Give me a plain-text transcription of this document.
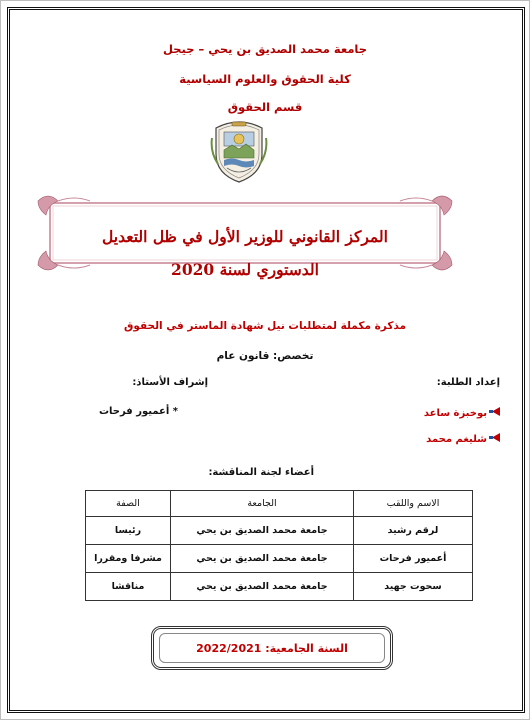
جامعة محمد الصديق بن يحي – جيجل
كلية الحقوق والعلوم السياسية
قسم الحقوق
المركز القانوني للوزير الأول في ظل التعديل
الدستوري لسنة 2020
مذكرة مكملة لمتطلبات نيل شهادة الماستر في الحقوق
تخصص: قانون عام
إعداد الطلبة:
إشراف الأستاذ:
بوخبزة ساعد
شليغم محمد
* أعميور فرحات
أعضاء لجنة المناقشة:
الاسم واللقب	الجامعة	الصفة
لرقم رشيد	جامعة محمد الصديق بن يحي	رئيسا
أعميور فرحات	جامعة محمد الصديق بن يحي	مشرفا ومقررا
سحوت جهيد	جامعة محمد الصديق بن يحي	مناقشا
السنة الجامعية: 2022/2021
